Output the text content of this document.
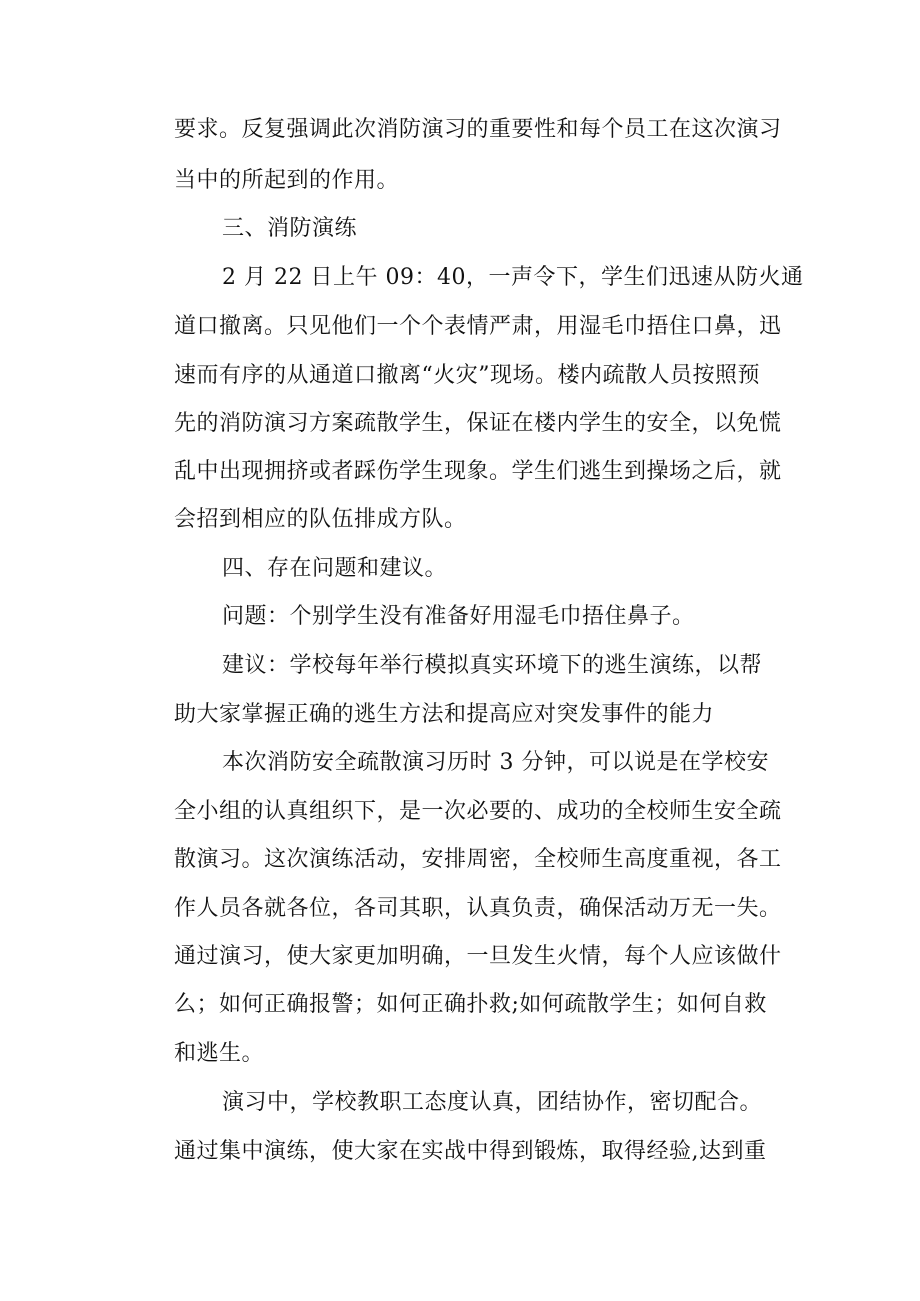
要求。反复强调此次消防演习的重要性和每个员工在这次演习
当中的所起到的作用。
三、消防演练
2 月 22 日上午 09：40，一声令下，学生们迅速从防火通
道口撤离。只见他们一个个表情严肃，用湿毛巾捂住口鼻，迅
速而有序的从通道口撤离“火灾”现场。楼内疏散人员按照预
先的消防演习方案疏散学生，保证在楼内学生的安全，以免慌
乱中出现拥挤或者踩伤学生现象。学生们逃生到操场之后，就
会招到相应的队伍排成方队。
四、存在问题和建议。
问题：个别学生没有准备好用湿毛巾捂住鼻子。
建议：学校每年举行模拟真实环境下的逃生演练，以帮
助大家掌握正确的逃生方法和提高应对突发事件的能力
本次消防安全疏散演习历时 3 分钟，可以说是在学校安
全小组的认真组织下，是一次必要的、成功的全校师生安全疏
散演习。这次演练活动，安排周密，全校师生高度重视，各工
作人员各就各位，各司其职，认真负责，确保活动万无一失。
通过演习，使大家更加明确，一旦发生火情，每个人应该做什
么；如何正确报警；如何正确扑救;如何疏散学生；如何自救
和逃生。
演习中，学校教职工态度认真，团结协作，密切配合。
通过集中演练，使大家在实战中得到锻炼，取得经验,达到重
